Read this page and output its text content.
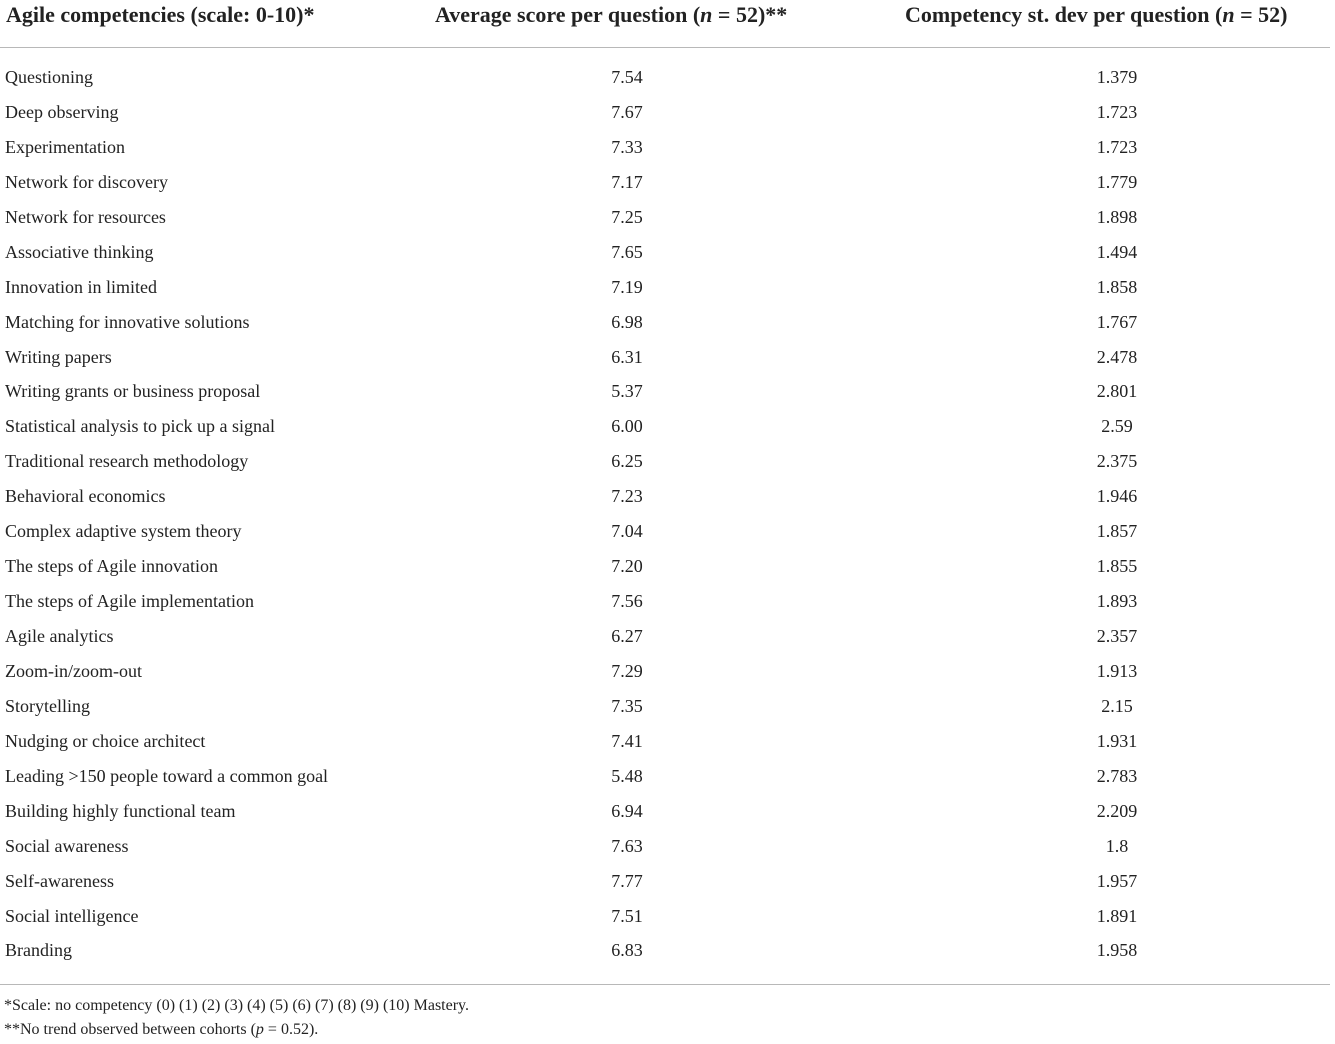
Agile competencies (scale: 0-10)*	Average score per question (n = 52)**	Competency st. dev per question (n = 52)
Questioning	7.54	1.379
Deep observing	7.67	1.723
Experimentation	7.33	1.723
Network for discovery	7.17	1.779
Network for resources	7.25	1.898
Associative thinking	7.65	1.494
Innovation in limited	7.19	1.858
Matching for innovative solutions	6.98	1.767
Writing papers	6.31	2.478
Writing grants or business proposal	5.37	2.801
Statistical analysis to pick up a signal	6.00	2.59
Traditional research methodology	6.25	2.375
Behavioral economics	7.23	1.946
Complex adaptive system theory	7.04	1.857
The steps of Agile innovation	7.20	1.855
The steps of Agile implementation	7.56	1.893
Agile analytics	6.27	2.357
Zoom-in/zoom-out	7.29	1.913
Storytelling	7.35	2.15
Nudging or choice architect	7.41	1.931
Leading >150 people toward a common goal	5.48	2.783
Building highly functional team	6.94	2.209
Social awareness	7.63	1.8
Self-awareness	7.77	1.957
Social intelligence	7.51	1.891
Branding	6.83	1.958
*Scale: no competency (0) (1) (2) (3) (4) (5) (6) (7) (8) (9) (10) Mastery.
**No trend observed between cohorts (p = 0.52).
